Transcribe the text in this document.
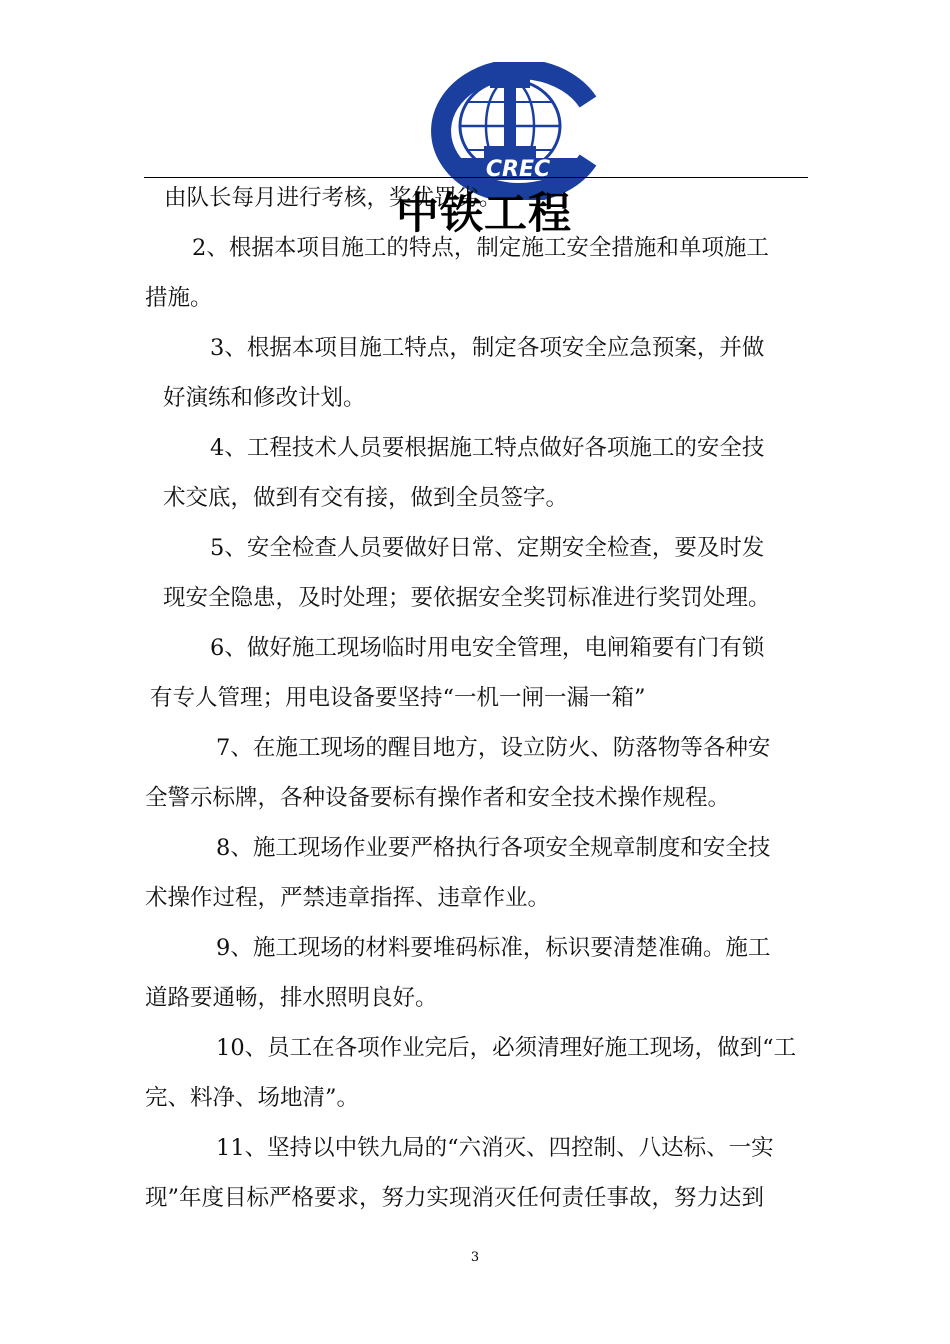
CREC
由队长每月进行考核，奖优罚劣。
中铁工程
2、根据本项目施工的特点，制定施工安全措施和单项施工
措施。
3、根据本项目施工特点，制定各项安全应急预案，并做
好演练和修改计划。
4、工程技术人员要根据施工特点做好各项施工的安全技
术交底，做到有交有接，做到全员签字。
5、安全检查人员要做好日常、定期安全检查，要及时发
现安全隐患，及时处理；要依据安全奖罚标准进行奖罚处理。
6、做好施工现场临时用电安全管理，电闸箱要有门有锁
有专人管理；用电设备要坚持“一机一闸一漏一箱”
7、在施工现场的醒目地方，设立防火、防落物等各种安
全警示标牌，各种设备要标有操作者和安全技术操作规程。
8、施工现场作业要严格执行各项安全规章制度和安全技
术操作过程，严禁违章指挥、违章作业。
9、施工现场的材料要堆码标准，标识要清楚准确。施工
道路要通畅，排水照明良好。
10、员工在各项作业完后，必须清理好施工现场，做到“工
完、料净、场地清”。
11、坚持以中铁九局的“六消灭、四控制、八达标、一实
现”年度目标严格要求，努力实现消灭任何责任事故，努力达到
3
